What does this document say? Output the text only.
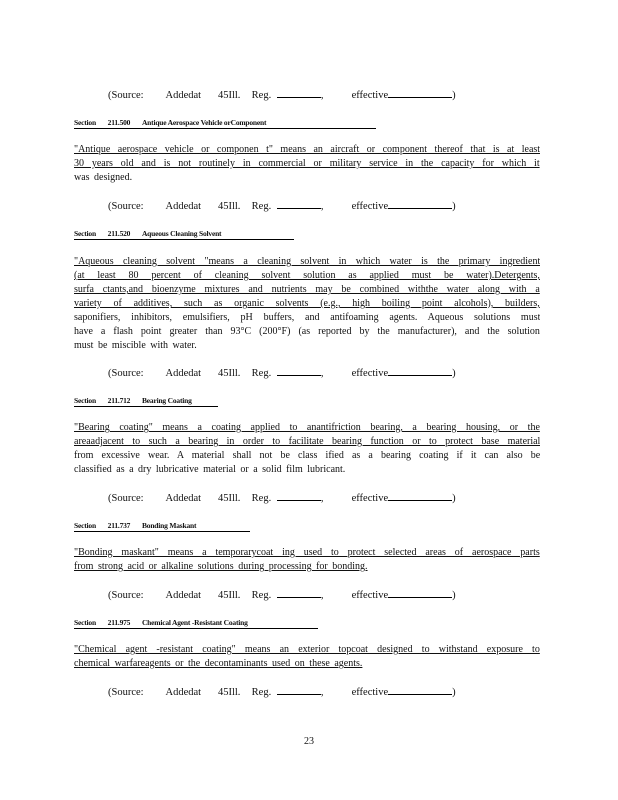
(Source: Addedat 45Ill. Reg.	,	effective	)
Section 211.500 Antique Aerospace Vehicle orComponent
"Antique aerospace vehicle or componen t" means an aircraft or component thereof that is at least
30 years old and is not routinely in commercial or military service in the capacity for which it
was designed.
(Source: Addedat 45Ill. Reg.	,	effective	)
Section 211.520 Aqueous Cleaning Solvent
"Aqueous cleaning solvent "means a cleaning solvent in which water is the primary ingredient
(at least 80 percent of cleaning solvent solution as applied must be water).Detergents,
surfa ctants,and bioenzyme mixtures and nutrients may be combined withthe water along with a
variety of additives, such as organic solvents (e.g., high boiling point alcohols), builders,
saponifiers, inhibitors, emulsifiers, pH buffers, and antifoaming agents. Aqueous solutions must
have a flash point greater than 93°C (200°F) (as reported by the manufacturer), and the solution
must be miscible with water.
(Source: Addedat 45Ill. Reg.	,	effective	)
Section 211.712 Bearing Coating
"Bearing coating" means a coating applied to anantifriction bearing, a bearing housing, or the
areaadjacent to such a bearing in order to facilitate bearing function or to protect base material
from excessive wear. A material shall not be class ified as a bearing coating if it can also be
classified as a dry lubricative material or a solid film lubricant.
(Source: Addedat 45Ill. Reg.	,	effective	)
Section 211.737 Bonding Maskant
"Bonding maskant" means a temporarycoat ing used to protect selected areas of aerospace parts
from strong acid or alkaline solutions during processing for bonding.
(Source: Addedat 45Ill. Reg.	,	effective	)
Section 211.975 Chemical Agent -Resistant Coating
"Chemical agent -resistant coating" means an exterior topcoat designed to withstand exposure to
chemical warfareagents or the decontaminants used on these agents.
(Source: Addedat 45Ill. Reg.	,	effective	)
23
